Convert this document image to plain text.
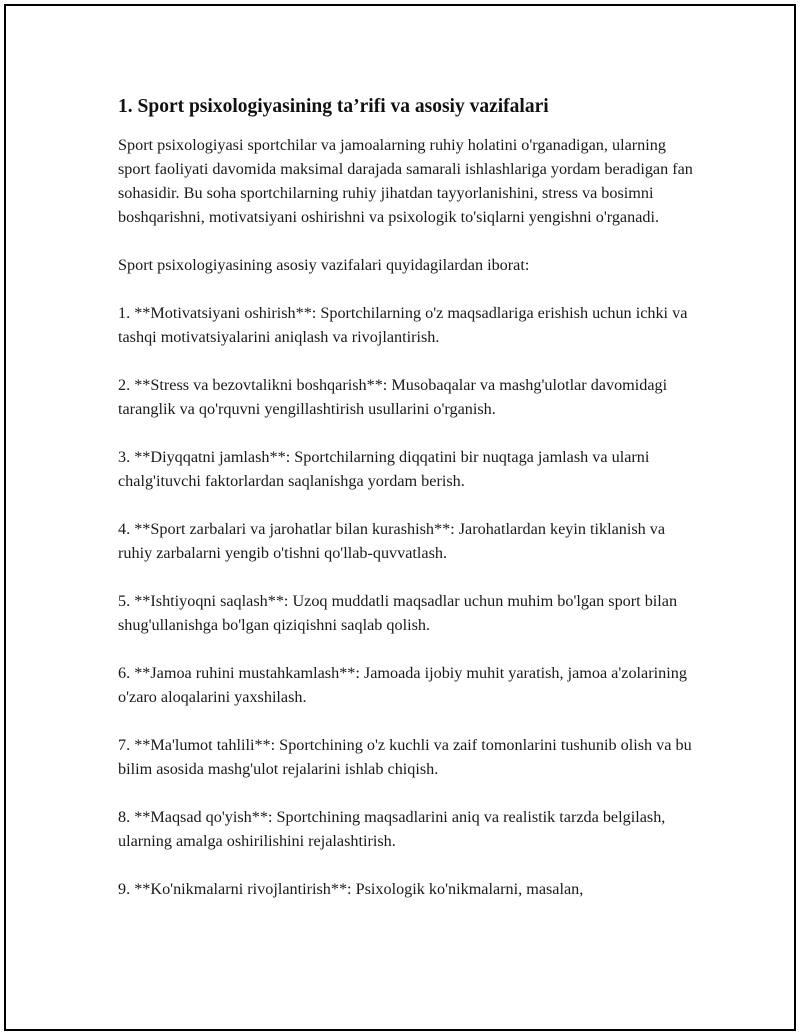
1. Sport psixologiyasining ta’rifi va asosiy vazifalari

Sport psixologiyasi sportchilar va jamoalarning ruhiy holatini o'rganadigan, ularning sport faoliyati davomida maksimal darajada samarali ishlashlariga yordam beradigan fan sohasidir. Bu soha sportchilarning ruhiy jihatdan tayyorlanishini, stress va bosimni boshqarishni, motivatsiyani oshirishni va psixologik to'siqlarni yengishni o'rganadi.

Sport psixologiyasining asosiy vazifalari quyidagilardan iborat:

1. **Motivatsiyani oshirish**: Sportchilarning o'z maqsadlariga erishish uchun ichki va tashqi motivatsiyalarini aniqlash va rivojlantirish.

2. **Stress va bezovtalikni boshqarish**: Musobaqalar va mashg'ulotlar davomidagi taranglik va qo'rquvni yengillashtirish usullarini o'rganish.

3. **Diyqqatni jamlash**: Sportchilarning diqqatini bir nuqtaga jamlash va ularni chalg'ituvchi faktorlardan saqlanishga yordam berish.

4. **Sport zarbalari va jarohatlar bilan kurashish**: Jarohatlardan keyin tiklanish va ruhiy zarbalarni yengib o'tishni qo'llab-quvvatlash.

5. **Ishtiyoqni saqlash**: Uzoq muddatli maqsadlar uchun muhim bo'lgan sport bilan shug'ullanishga bo'lgan qiziqishni saqlab qolish.

6. **Jamoa ruhini mustahkamlash**: Jamoada ijobiy muhit yaratish, jamoa a'zolarining o'zaro aloqalarini yaxshilash.

7. **Ma'lumot tahlili**: Sportchining o'z kuchli va zaif tomonlarini tushunib olish va bu bilim asosida mashg'ulot rejalarini ishlab chiqish.

8. **Maqsad qo'yish**: Sportchining maqsadlarini aniq va realistik tarzda belgilash, ularning amalga oshirilishini rejalashtirish.

9. **Ko'nikmalarni rivojlantirish**: Psixologik ko'nikmalarni, masalan,
